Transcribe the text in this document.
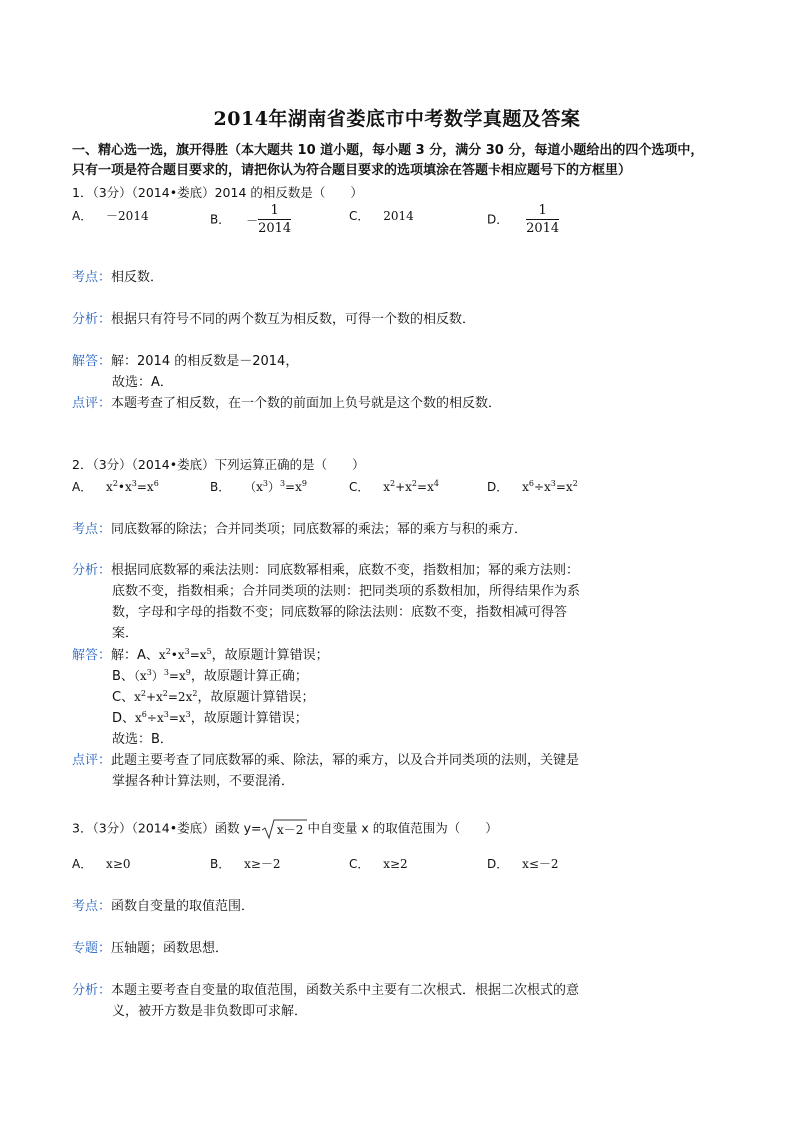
2014年湖南省娄底市中考数学真题及答案
一、精心选一选，旗开得胜（本大题共 10 道小题，每小题 3 分，满分 30 分，每道小题给出的四个选项中，
只有一项是符合题目要求的，请把你认为符合题目要求的选项填涂在答题卡相应题号下的方框里）
1．（3分）（2014•娄底）2014 的相反数是（　　）
A． －2014	B． － $\frac{1}{2014}$	C． 2014	D． $\frac{1}{2014}$
考点：相反数．
分析：根据只有符号不同的两个数互为相反数，可得一个数的相反数．
解答：解：2014 的相反数是－2014，
故选：A．
点评：本题考查了相反数，在一个数的前面加上负号就是这个数的相反数．
2．（3分）（2014•娄底）下列运算正确的是（　　）
A． $x^2•x^3=x^6$	B． $(x^3)^3=x^9$	C． $x^2+x^2=x^4$	D． $x^6\div x^3=x^2$
考点：同底数幂的除法；合并同类项；同底数幂的乘法；幂的乘方与积的乘方．
分析：根据同底数幂的乘法法则：同底数幂相乘，底数不变，指数相加；幂的乘方法则：
底数不变，指数相乘；合并同类项的法则：把同类项的系数相加，所得结果作为系
数，字母和字母的指数不变；同底数幂的除法法则：底数不变，指数相减可得答
案．
解答：解：A、$x^2•x^3=x^5$，故原题计算错误；
B、$(x^3)^3=x^9$，故原题计算正确；
C、$x^2+x^2=2x^2$，故原题计算错误；
D、$x^6\div x^3=x^3$，故原题计算错误；
故选：B．
点评：此题主要考查了同底数幂的乘、除法，幂的乘方，以及合并同类项的法则，关键是
掌握各种计算法则，不要混淆．
3．（3分）（2014•娄底）函数 y= x－2 中自变量 x 的取值范围为（　　）
A． x≥0	B． x≥－2	C． x≥2	D． x≤－2
考点：函数自变量的取值范围．
专题：压轴题；函数思想．
分析：本题主要考查自变量的取值范围，函数关系中主要有二次根式．根据二次根式的意
义，被开方数是非负数即可求解．
